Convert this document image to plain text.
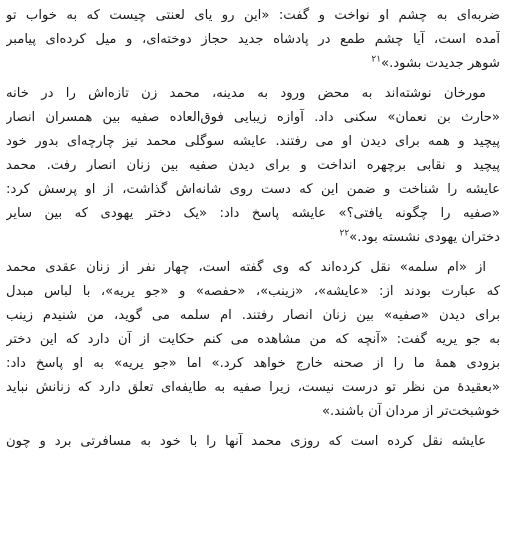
ضربه‌ای به چشم او نواخت و گفت: «این رو یای لعنتی چیست که به خواب تو
آمده است، آیا چشم طمع در پادشاه جدید حجاز دوخته‌ای، و میل کرده‌ای پیامبر
شوهر جدیدت بشود.»$^{۲۱}$

مورخان نوشته‌اند به محض ورود به مدینه، محمد زن تازه‌اش را در خانه
«حارث بن نعمان» سکنی داد. آوازه زیبایی فوق‌العاده صفیه بین همسران انصار
پیچید و همه برای دیدن او می رفتند. عایشه سوگلی محمد نیز چارچه‌ای بدور خود
پیچید و نقابی برچهره انداخت و برای دیدن صفیه بین زنان انصار رفت. محمد
عایشه را شناخت و ضمن این که دست روی شانه‌اش گذاشت، از او پرسش کرد:
«صفیه را چگونه یافتی؟» عایشه پاسخ داد: «یک دختر یهودی که بین سایر
دختران یهودی نشسته بود.»$^{۲۲}$

از «ام سلمه» نقل کرده‌اند که وی گفته است، چهار نفر از زنان عقدی محمد
که عبارت بودند از: «عایشه»، «زینب»، «حفصه» و «جو یریه»، با لباس مبدل
برای دیدن «صفیه» بین زنان انصار رفتند. ام سلمه می گوید، من شنیدم زینب
به جو یریه گفت: «آنچه که من مشاهده می کنم حکایت از آن دارد که این دختر
بزودی همهٔ ما را از صحنه خارج خواهد کرد.» اما «جو یریه» به او پاسخ داد:
«بعقیدهٔ من نظر تو درست نیست، زیرا صفیه به طایفه‌ای تعلق دارد که زنانش نباید
خوشبخت‌تر از مردان آن باشند.»

عایشه نقل کرده است که روزی محمد آنها را با خود به مسافرتی برد و چون
